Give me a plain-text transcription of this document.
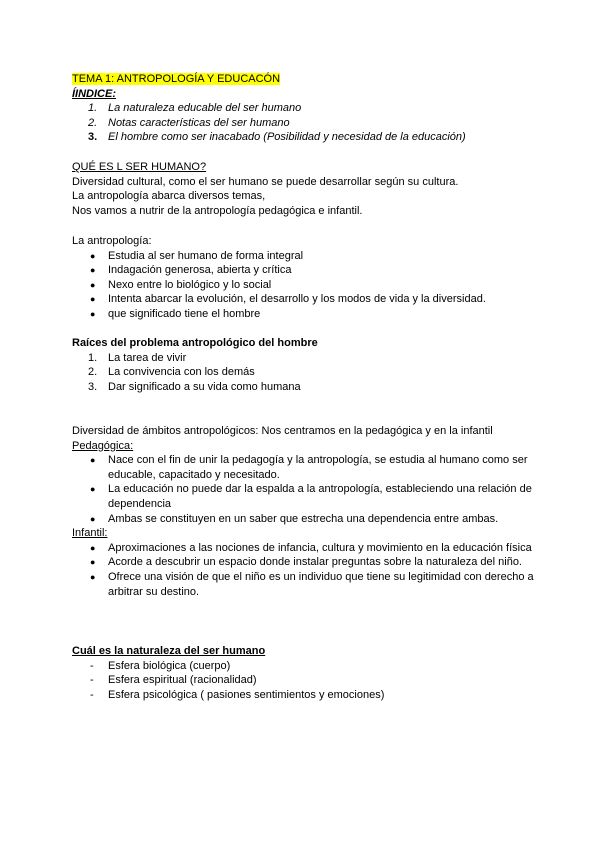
TEMA 1: ANTROPOLOGÍA Y EDUCACÓN
ÍINDICE:
1. La naturaleza educable del ser humano
2. Notas características del ser humano
3. El hombre como ser inacabado (Posibilidad y necesidad de la educación)
QUÉ ES L SER HUMANO?
Diversidad cultural, como el ser humano se puede desarrollar según su cultura.
La antropología abarca diversos temas,
Nos vamos a nutrir de la antropología pedagógica e infantil.
La antropología:
●	Estudia al ser humano de forma integral
●	Indagación generosa, abierta y crítica
●	Nexo entre lo biológico y lo social
●	Intenta abarcar la evolución, el desarrollo y los modos de vida y la diversidad.
●	que significado tiene el hombre
Raíces del problema antropológico del hombre
1. La tarea de vivir
2. La convivencia con los demás
3. Dar significado a su vida como humana
Diversidad de ámbitos antropológicos: Nos centramos en la pedagógica y en la infantil
Pedagógica:
●	Nace con el fin de unir la pedagogía y la antropología, se estudia al humano como ser educable, capacitado y necesitado.
●	La educación no puede dar la espalda a la antropología, estableciendo una relación de dependencia
●	Ambas se constituyen en un saber que estrecha una dependencia entre ambas.
Infantil:
●	Aproximaciones a las nociones de infancia, cultura y movimiento en la educación física
●	Acorde a descubrir un espacio donde instalar preguntas sobre la naturaleza del niño.
●	Ofrece una visión de que el niño es un individuo que tiene su legitimidad con derecho a arbitrar su destino.
Cuál es la naturaleza del ser humano
-	Esfera biológica (cuerpo)
-	Esfera espiritual (racionalidad)
-	Esfera psicológica ( pasiones sentimientos y emociones)
